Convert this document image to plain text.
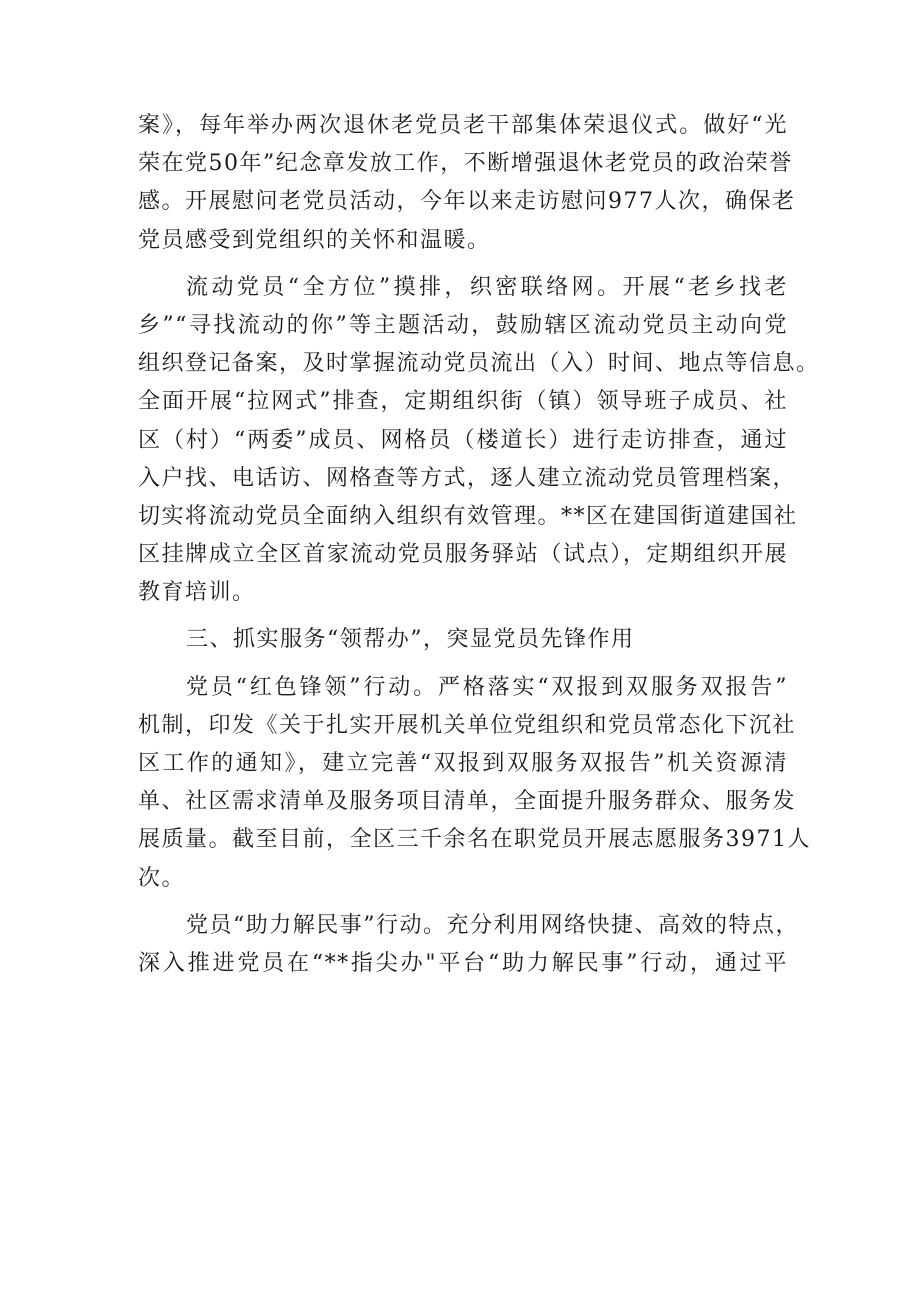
案》，每年举办两次退休老党员老干部集体荣退仪式。做好“光
荣在党50年”纪念章发放工作，不断增强退休老党员的政治荣誉
感。开展慰问老党员活动，今年以来走访慰问977人次，确保老
党员感受到党组织的关怀和温暖。
流动党员“全方位”摸排，织密联络网。开展“老乡找老
乡”“寻找流动的你”等主题活动，鼓励辖区流动党员主动向党
组织登记备案，及时掌握流动党员流出（入）时间、地点等信息。
全面开展“拉网式”排查，定期组织街（镇）领导班子成员、社
区（村）“两委”成员、网格员（楼道长）进行走访排查，通过
入户找、电话访、网格查等方式，逐人建立流动党员管理档案，
切实将流动党员全面纳入组织有效管理。**区在建国街道建国社
区挂牌成立全区首家流动党员服务驿站（试点），定期组织开展
教育培训。
三、抓实服务“领帮办”，突显党员先锋作用
党员“红色锋领”行动。严格落实“双报到双服务双报告”
机制，印发《关于扎实开展机关单位党组织和党员常态化下沉社
区工作的通知》，建立完善“双报到双服务双报告”机关资源清
单、社区需求清单及服务项目清单，全面提升服务群众、服务发
展质量。截至目前，全区三千余名在职党员开展志愿服务3971人
次。
党员“助力解民事”行动。充分利用网络快捷、高效的特点，
深入推进党员在“**指尖办"平台“助力解民事”行动，通过平
